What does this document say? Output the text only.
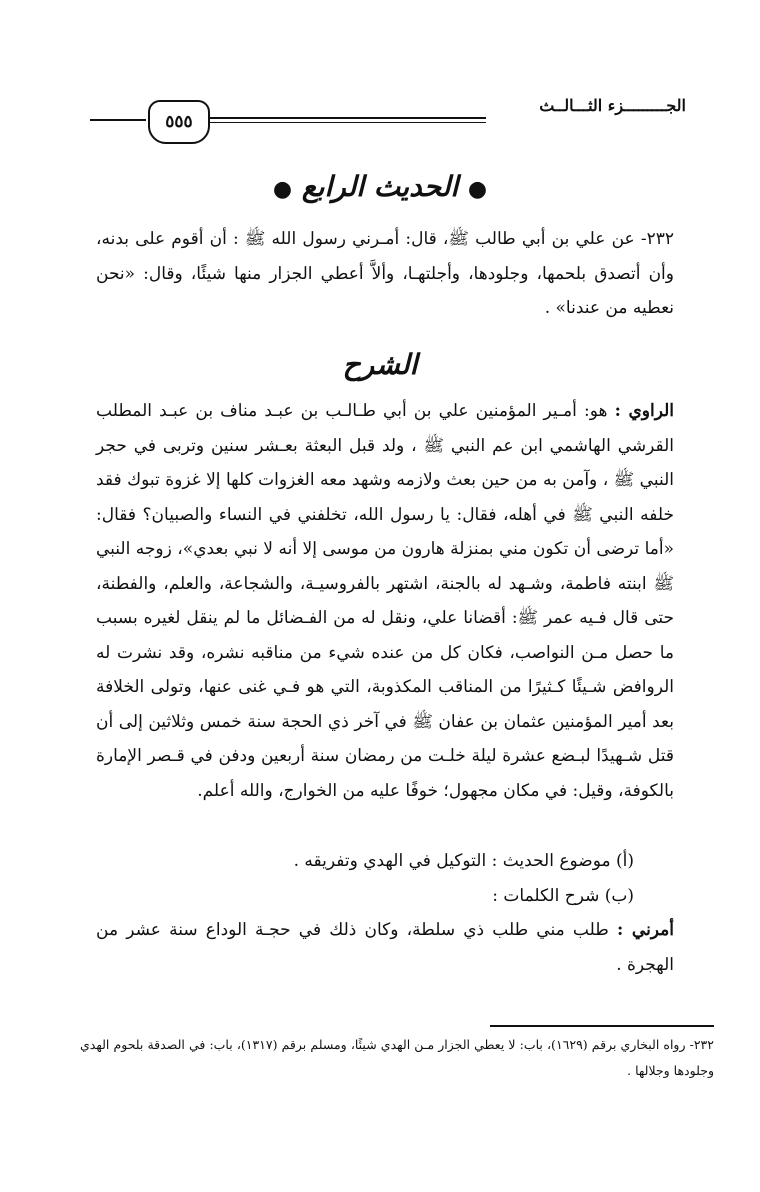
الجـــــــــزء الثـــالــث
٥٥٥
● الحديث الرابع ●

٢٣٢- عن علي بن أبي طالب ﷺ، قال: أمـرني رسول الله ﷺ : أن أقوم على بدنه، وأن أتصدق بلحمها، وجلودها، وأجلتهـا، وألاَّ أعطي الجزار منها شيئًا، وقال: «نحن نعطيه من عندنا» .

الشرح

الراوي : هو: أمـير المؤمنين علي بن أبي طـالـب بن عبـد مناف بن عبـد المطلب القرشي الهاشمي ابن عم النبي ﷺ ، ولد قبل البعثة بعـشر سنين وتربى في حجر النبي ﷺ ، وآمن به من حين بعث ولازمه وشهد معه الغزوات كلها إلا غزوة تبوك فقد خلفه النبي ﷺ في أهله، فقال: يا رسول الله، تخلفني في النساء والصبيان؟ فقال: «أما ترضى أن تكون مني بمنزلة هارون من موسى إلا أنه لا نبي بعدي»، زوجه النبي ﷺ ابنته فاطمة، وشـهد له بالجنة، اشتهر بالفروسيـة، والشجاعة، والعلم، والفطنة، حتى قال فـيه عمر ﷺ: أقضانا علي، ونقل له من الفـضائل ما لم ينقل لغيره بسبب ما حصل مـن النواصب، فكان كل من عنده شيء من مناقبه نشره، وقد نشرت له الروافض شـيئًا كـثيرًا من المناقب المكذوبة، التي هو فـي غنى عنها، وتولى الخلافة بعد أمير المؤمنين عثمان بن عفان ﷺ في آخر ذي الحجة سنة خمس وثلاثين إلى أن قتل شـهيدًا لبـضع عشرة ليلة خلـت من رمضان سنة أربعين ودفن في قـصر الإمارة بالكوفة، وقيل: في مكان مجهول؛ خوفًا عليه من الخوارج، والله أعلم.

(أ) موضوع الحديث : التوكيل في الهدي وتفريقه .

(ب) شرح الكلمات :

أمرني : طلب مني طلب ذي سلطة، وكان ذلك في حجـة الوداع سنة عشر من الهجرة .

٢٣٢- رواه البخاري برقم (١٦٢٩)، باب: لا يعطي الجزار مـن الهدي شيئًا، ومسلم برقم (١٣١٧)، باب: في الصدقة بلحوم الهدي وجلودها وجلالها .
